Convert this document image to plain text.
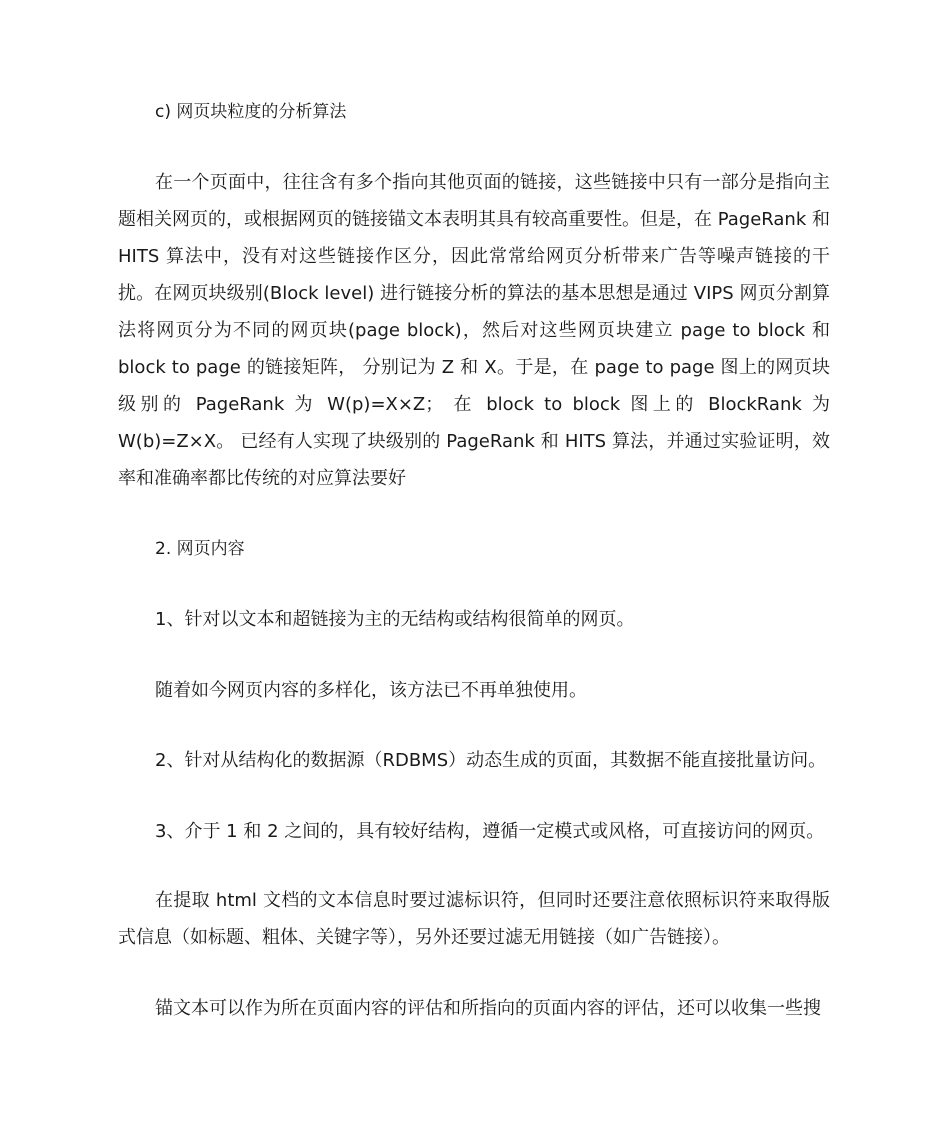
c) 网页块粒度的分析算法

在一个页面中，往往含有多个指向其他页面的链接，这些链接中只有一部分是指向主题相关网页的，或根据网页的链接锚文本表明其具有较高重要性。但是，在 PageRank 和 HITS 算法中，没有对这些链接作区分，因此常常给网页分析带来广告等噪声链接的干扰。在网页块级别(Block level) 进行链接分析的算法的基本思想是通过 VIPS 网页分割算法将网页分为不同的网页块(page block)，然后对这些网页块建立 page to block 和 block to page 的链接矩阵， 分别记为 Z 和 X。于是，在 page to page 图上的网页块级别的 PageRank 为 W(p)=X×Z； 在 block to block 图上的 BlockRank 为 W(b)=Z×X。 已经有人实现了块级别的 PageRank 和 HITS 算法，并通过实验证明，效率和准确率都比传统的对应算法要好

2. 网页内容

1、针对以文本和超链接为主的无结构或结构很简单的网页。

随着如今网页内容的多样化，该方法已不再单独使用。

2、针对从结构化的数据源（RDBMS）动态生成的页面，其数据不能直接批量访问。

3、介于 1 和 2 之间的，具有较好结构，遵循一定模式或风格，可直接访问的网页。

在提取 html 文档的文本信息时要过滤标识符，但同时还要注意依照标识符来取得版式信息（如标题、粗体、关键字等），另外还要过滤无用链接（如广告链接）。

锚文本可以作为所在页面内容的评估和所指向的页面内容的评估，还可以收集一些搜
